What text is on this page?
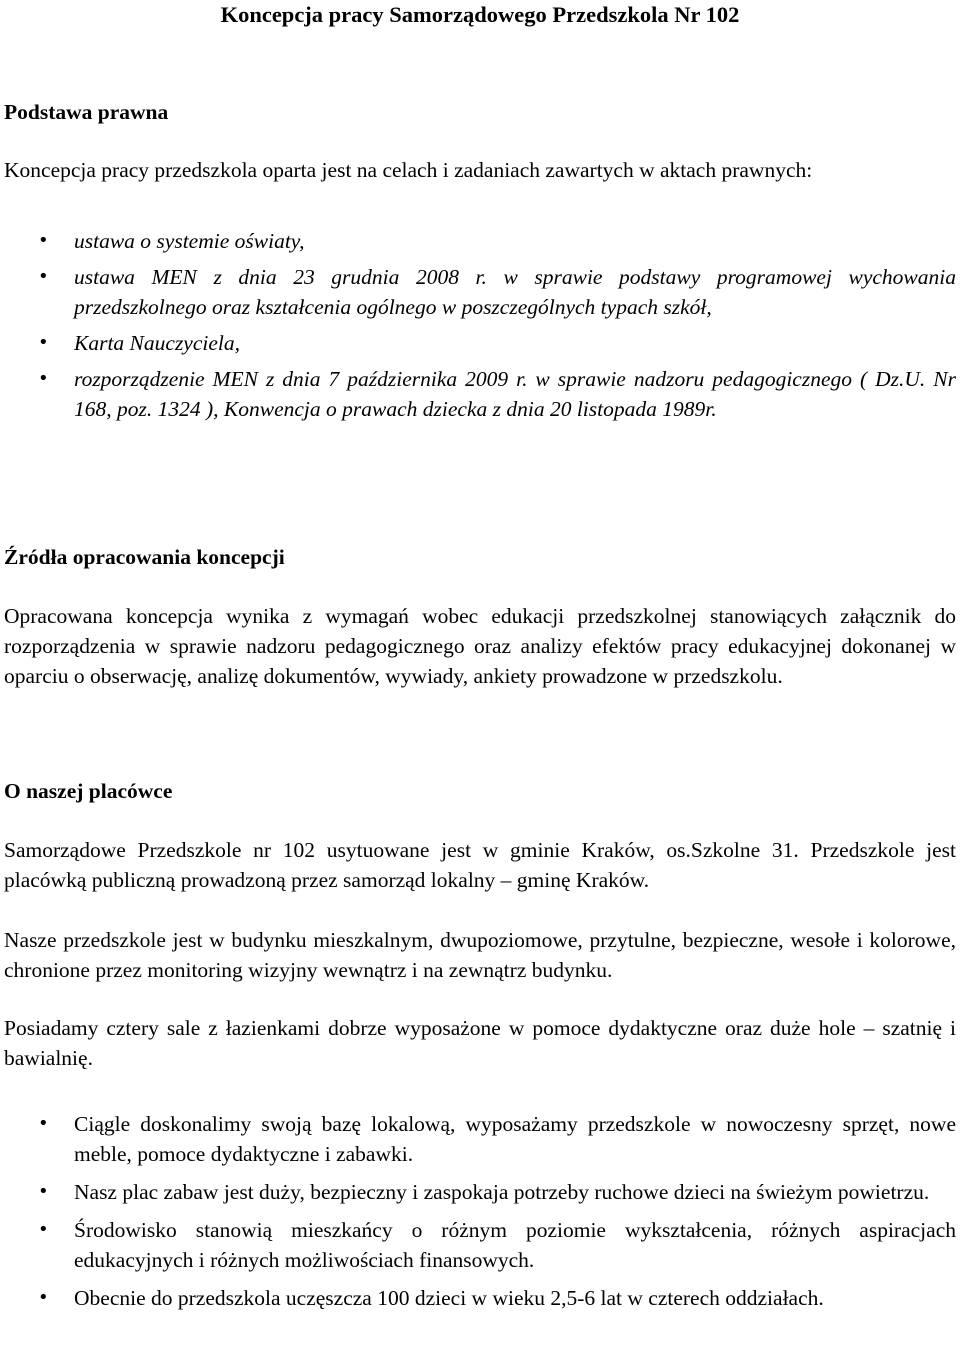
Koncepcja pracy Samorządowego Przedszkola Nr 102
Podstawa prawna

Koncepcja pracy przedszkola oparta jest na celach i zadaniach zawartych w aktach prawnych:

• ustawa o systemie oświaty,
• ustawa MEN z dnia 23 grudnia 2008 r. w sprawie podstawy programowej wychowania przedszkolnego oraz kształcenia ogólnego w poszczególnych typach szkół,
• Karta Nauczyciela,
• rozporządzenie MEN z dnia 7 października 2009 r. w sprawie nadzoru pedagogicznego ( Dz.U. Nr 168, poz. 1324 ), Konwencja o prawach dziecka z dnia 20 listopada 1989r.
Źródła opracowania koncepcji

Opracowana koncepcja wynika z wymagań wobec edukacji przedszkolnej stanowiących załącznik do rozporządzenia w sprawie nadzoru pedagogicznego oraz analizy efektów pracy edukacyjnej dokonanej w oparciu o obserwację, analizę dokumentów, wywiady, ankiety prowadzone w przedszkolu.

O naszej placówce

Samorządowe Przedszkole nr 102 usytuowane jest w gminie Kraków, os.Szkolne 31. Przedszkole jest placówką publiczną prowadzoną przez samorząd lokalny – gminę Kraków.

Nasze przedszkole jest w budynku mieszkalnym, dwupoziomowe, przytulne, bezpieczne, wesołe i kolorowe, chronione przez monitoring wizyjny wewnątrz i na zewnątrz budynku.

Posiadamy cztery sale z łazienkami dobrze wyposażone w pomoce dydaktyczne oraz duże hole – szatnię i bawialnię.

• Ciągle doskonalimy swoją bazę lokalową, wyposażamy przedszkole w nowoczesny sprzęt, nowe meble, pomoce dydaktyczne i zabawki.
• Nasz plac zabaw jest duży, bezpieczny i zaspokaja potrzeby ruchowe dzieci na świeżym powietrzu.
• Środowisko stanowią mieszkańcy o różnym poziomie wykształcenia, różnych aspiracjach edukacyjnych i różnych możliwościach finansowych.
• Obecnie do przedszkola uczęszcza 100 dzieci w wieku 2,5-6 lat w czterech oddziałach.
